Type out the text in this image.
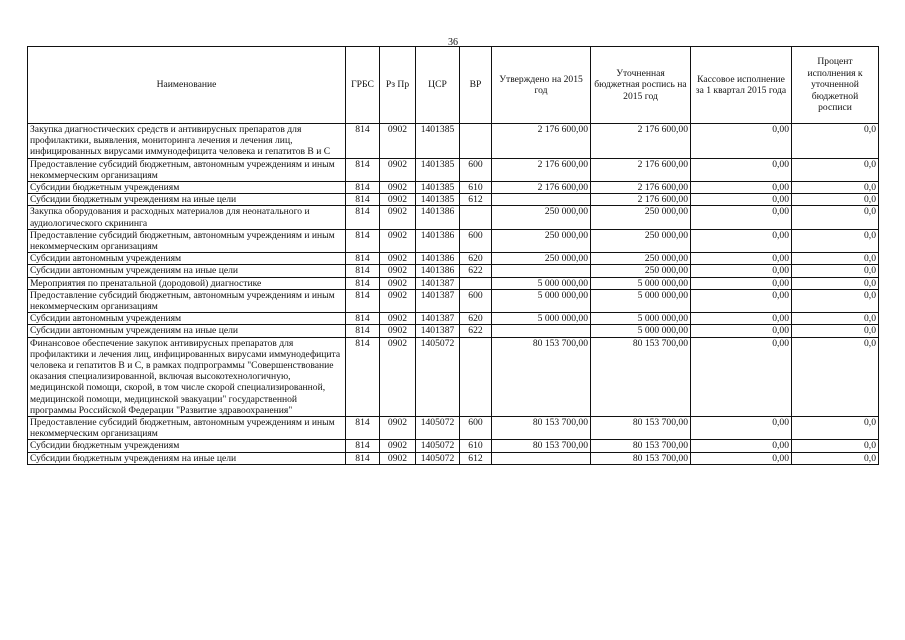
36
Наименование	ГРБС	Рз Пр	ЦСР	ВР	Утверждено на 2015 год	Уточненная бюджетная роспись на 2015 год	Кассовое исполнение за 1 квартал 2015 года	Процент исполнения к уточненной бюджетной росписи
Закупка диагностических средств и антивирусных препаратов для профилактики, выявления, мониторинга лечения и лечения лиц, инфицированных вирусами иммунодефицита человека и гепатитов В и С	814	0902	1401385		2 176 600,00	2 176 600,00	0,00	0,0
Предоставление субсидий бюджетным, автономным учреждениям и иным некоммерческим организациям	814	0902	1401385	600	2 176 600,00	2 176 600,00	0,00	0,0
Субсидии бюджетным учреждениям	814	0902	1401385	610	2 176 600,00	2 176 600,00	0,00	0,0
Субсидии бюджетным учреждениям на иные цели	814	0902	1401385	612		2 176 600,00	0,00	0,0
Закупка оборудования и расходных материалов для неонатального и аудиологического скрининга	814	0902	1401386		250 000,00	250 000,00	0,00	0,0
Предоставление субсидий бюджетным, автономным учреждениям и иным некоммерческим организациям	814	0902	1401386	600	250 000,00	250 000,00	0,00	0,0
Субсидии автономным учреждениям	814	0902	1401386	620	250 000,00	250 000,00	0,00	0,0
Субсидии автономным учреждениям на иные цели	814	0902	1401386	622		250 000,00	0,00	0,0
Мероприятия по пренатальной (дородовой) диагностике	814	0902	1401387		5 000 000,00	5 000 000,00	0,00	0,0
Предоставление субсидий бюджетным, автономным учреждениям и иным некоммерческим организациям	814	0902	1401387	600	5 000 000,00	5 000 000,00	0,00	0,0
Субсидии автономным учреждениям	814	0902	1401387	620	5 000 000,00	5 000 000,00	0,00	0,0
Субсидии автономным учреждениям на иные цели	814	0902	1401387	622		5 000 000,00	0,00	0,0
Финансовое обеспечение закупок антивирусных препаратов для профилактики и лечения лиц, инфицированных вирусами иммунодефицита человека и гепатитов В и С, в рамках подпрограммы "Совершенствование оказания специализированной, включая высокотехнологичную, медицинской помощи, скорой, в том числе скорой специализированной, медицинской помощи, медицинской эвакуации" государственной программы Российской Федерации "Развитие здравоохранения"	814	0902	1405072		80 153 700,00	80 153 700,00	0,00	0,0
Предоставление субсидий бюджетным, автономным учреждениям и иным некоммерческим организациям	814	0902	1405072	600	80 153 700,00	80 153 700,00	0,00	0,0
Субсидии бюджетным учреждениям	814	0902	1405072	610	80 153 700,00	80 153 700,00	0,00	0,0
Субсидии бюджетным учреждениям на иные цели	814	0902	1405072	612		80 153 700,00	0,00	0,0
